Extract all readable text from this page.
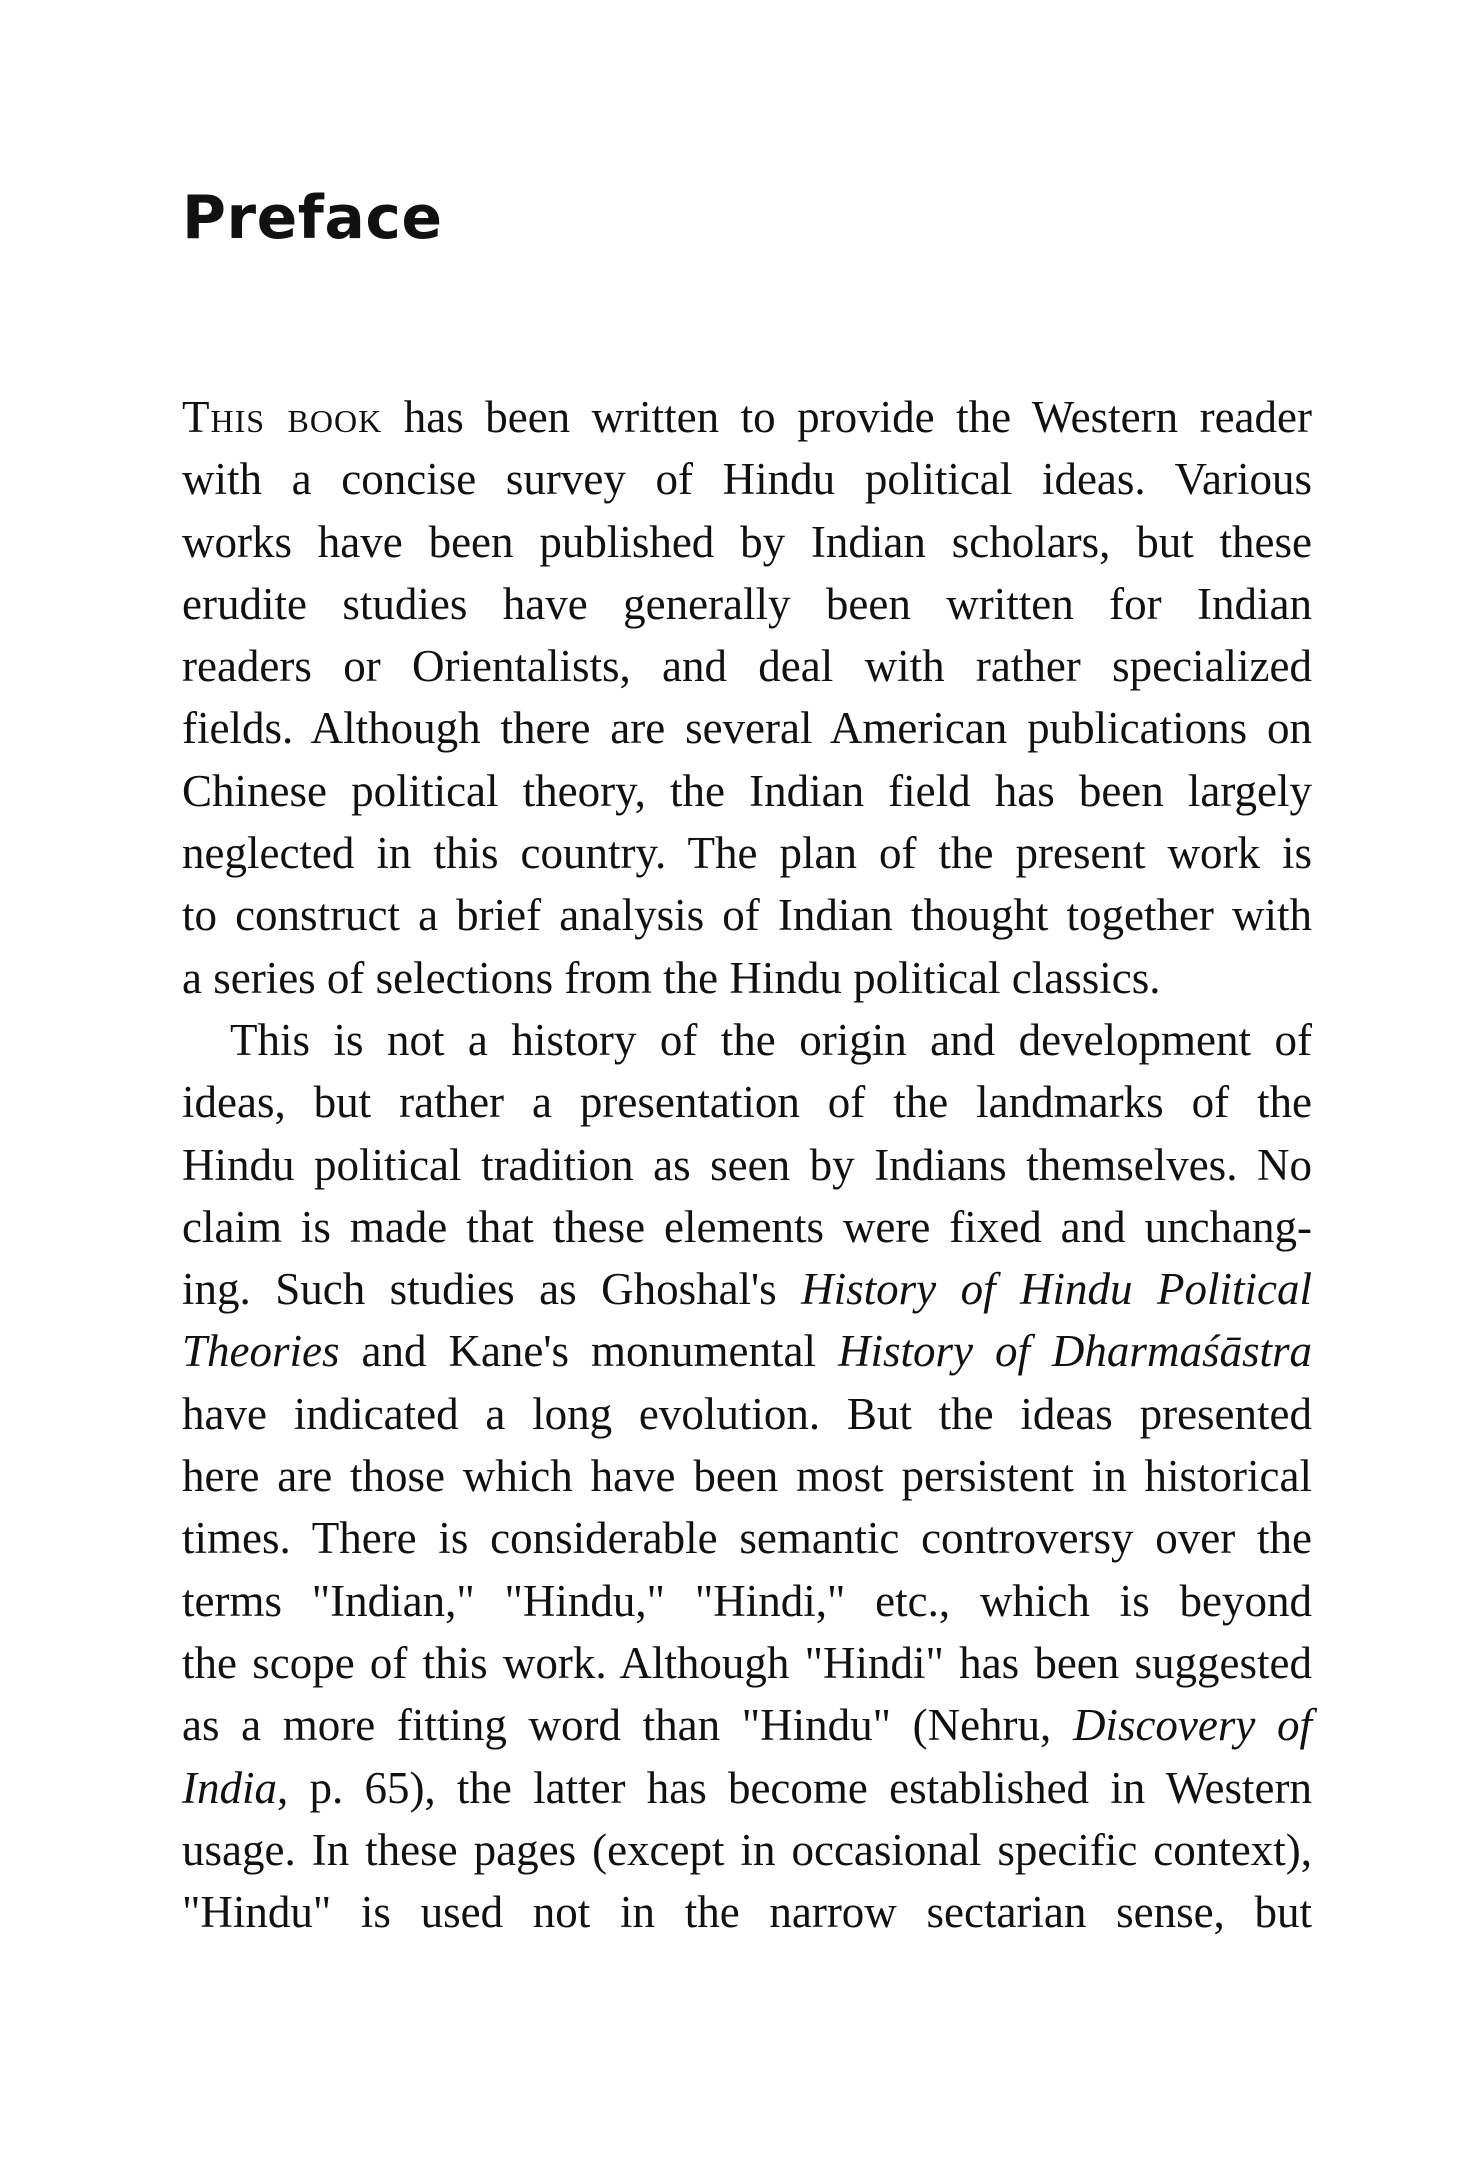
Preface
This book has been written to provide the Western reader
with a concise survey of Hindu political ideas. Various
works have been published by Indian scholars, but these
erudite studies have generally been written for Indian
readers or Orientalists, and deal with rather specialized
fields. Although there are several American publications on
Chinese political theory, the Indian field has been largely
neglected in this country. The plan of the present work is
to construct a brief analysis of Indian thought together with
a series of selections from the Hindu political classics.
This is not a history of the origin and development of
ideas, but rather a presentation of the landmarks of the
Hindu political tradition as seen by Indians themselves. No
claim is made that these elements were fixed and unchang-
ing. Such studies as Ghoshal's History of Hindu Political
Theories and Kane's monumental History of Dharmaśāstra
have indicated a long evolution. But the ideas presented
here are those which have been most persistent in historical
times. There is considerable semantic controversy over the
terms "Indian," "Hindu," "Hindi," etc., which is beyond
the scope of this work. Although "Hindi" has been suggested
as a more fitting word than "Hindu" (Nehru, Discovery of
India, p. 65), the latter has become established in Western
usage. In these pages (except in occasional specific context),
"Hindu" is used not in the narrow sectarian sense, but
